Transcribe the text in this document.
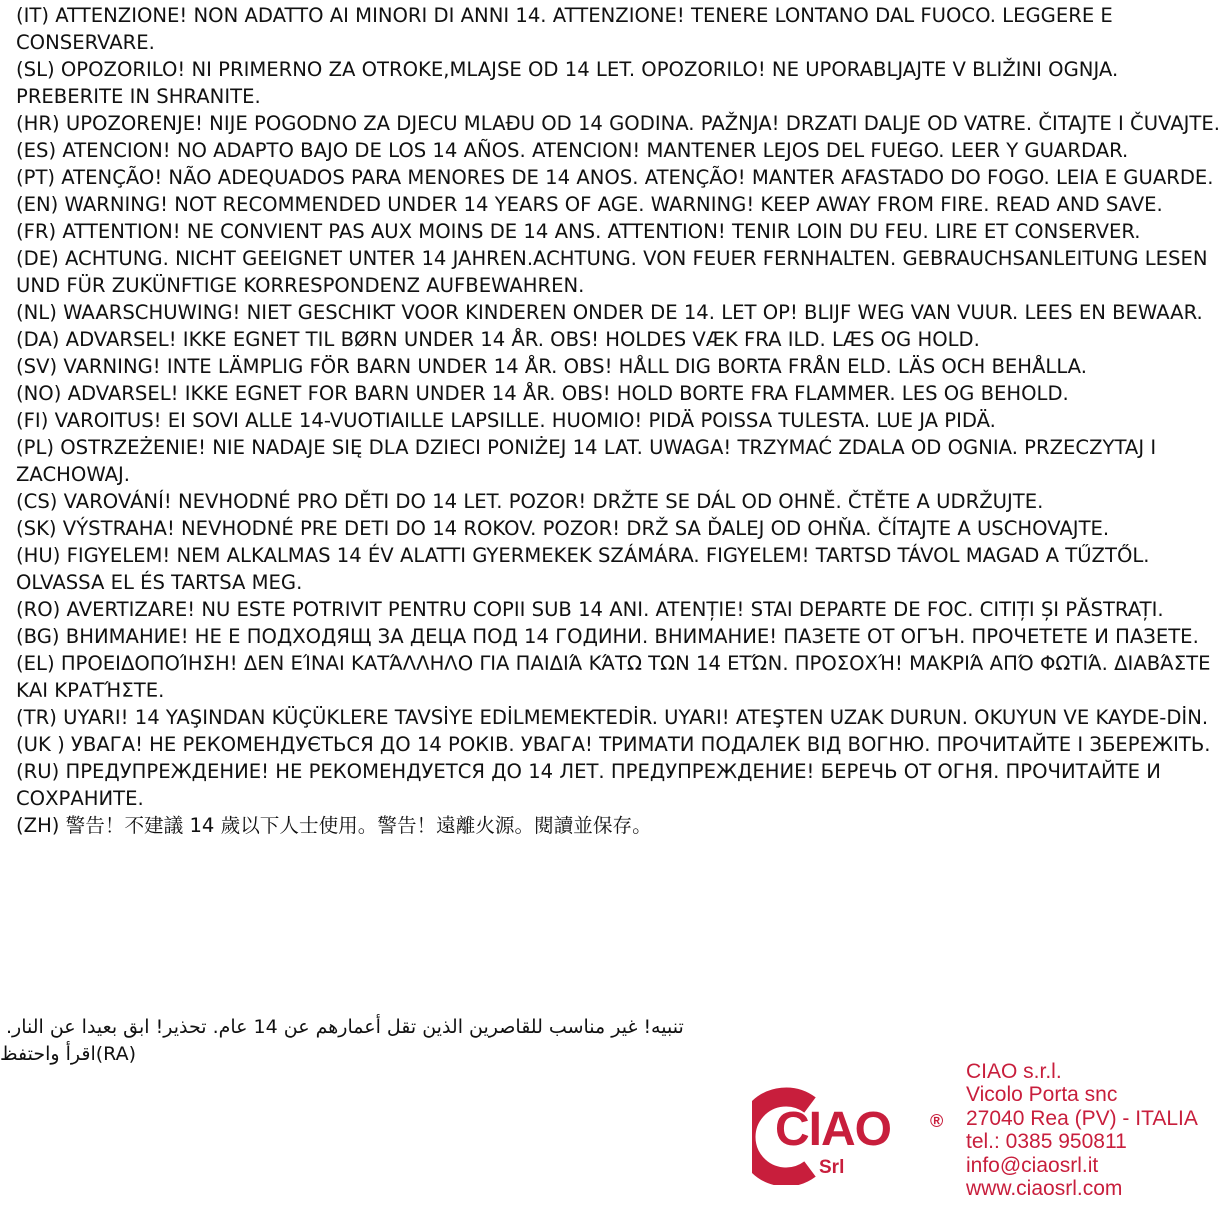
(IT) ATTENZIONE! NON ADATTO AI MINORI DI ANNI 14. ATTENZIONE! TENERE LONTANO DAL FUOCO. LEGGERE E CONSERVARE.
(SL) OPOZORILO! NI PRIMERNO ZA OTROKE,MLAJSE OD 14 LET. OPOZORILO! NE UPORABLJAJTE V BLIŽINI OGNJA. PREBERITE IN SHRANITE.
(HR) UPOZORENJE! NIJE POGODNO ZA DJECU MLAĐU OD 14 GODINA. PAŽNJA! DRZATI DALJE OD VATRE. ČITAJTE I ČUVAJTE.
(ES) ATENCION! NO ADAPTO BAJO DE LOS 14 AÑOS. ATENCION! MANTENER LEJOS DEL FUEGO. LEER Y GUARDAR.
(PT) ATENÇÃO! NÃO ADEQUADOS PARA MENORES DE 14 ANOS. ATENÇÃO! MANTER AFASTADO DO FOGO. LEIA E GUARDE.
(EN) WARNING! NOT RECOMMENDED UNDER 14 YEARS OF AGE. WARNING! KEEP AWAY FROM FIRE. READ AND SAVE.
(FR) ATTENTION! NE CONVIENT PAS AUX MOINS DE 14 ANS. ATTENTION! TENIR LOIN DU FEU. LIRE ET CONSERVER.
(DE) ACHTUNG. NICHT GEEIGNET UNTER 14 JAHREN.ACHTUNG. VON FEUER FERNHALTEN. GEBRAUCHSANLEITUNG LESEN UND FÜR ZUKÜNFTIGE KORRESPONDENZ AUFBEWAHREN.
(NL) WAARSCHUWING! NIET GESCHIKT VOOR KINDEREN ONDER DE 14. LET OP! BLIJF WEG VAN VUUR. LEES EN BEWAAR.
(DA) ADVARSEL! IKKE EGNET TIL BØRN UNDER 14 ÅR. OBS! HOLDES VÆK FRA ILD. LÆS OG HOLD.
(SV) VARNING! INTE LÄMPLIG FÖR BARN UNDER 14 ÅR. OBS! HÅLL DIG BORTA FRÅN ELD. LÄS OCH BEHÅLLA.
(NO) ADVARSEL! IKKE EGNET FOR BARN UNDER 14 ÅR. OBS! HOLD BORTE FRA FLAMMER. LES OG BEHOLD.
(FI) VAROITUS! EI SOVI ALLE 14-VUOTIAILLE LAPSILLE. HUOMIO! PIDÄ POISSA TULESTA. LUE JA PIDÄ.
(PL) OSTRZEŻENIE! NIE NADAJE SIĘ DLA DZIECI PONIŻEJ 14 LAT. UWAGA! TRZYMAĆ ZDALA OD OGNIA. PRZECZYTAJ I ZACHOWAJ.
(CS) VAROVÁNÍ! NEVHODNÉ PRO DĚTI DO 14 LET. POZOR! DRŽTE SE DÁL OD OHNĚ. ČTĚTE A UDRŽUJTE.
(SK) VÝSTRAHA! NEVHODNÉ PRE DETI DO 14 ROKOV. POZOR! DRŽ SA ĎALEJ OD OHŇA. ČÍTAJTE A USCHOVAJTE.
(HU) FIGYELEM! NEM ALKALMAS 14 ÉV ALATTI GYERMEKEK SZÁMÁRA. FIGYELEM! TARTSD TÁVOL MAGAD A TŰZTŐL. OLVASSA EL ÉS TARTSA MEG.
(RO) AVERTIZARE! NU ESTE POTRIVIT PENTRU COPII SUB 14 ANI. ATENȚIE! STAI DEPARTE DE FOC. CITIȚI ȘI PĂSTRAȚI.
(BG) ВНИМАНИЕ! НЕ Е ПОДХОДЯЩ ЗА ДЕЦА ПОД 14 ГОДИНИ. ВНИМАНИЕ! ПАЗЕТЕ ОТ ОГЪН. ПРОЧЕТЕТЕ И ПАЗЕТЕ.
(EL) ΠΡΟΕΙΔΟΠΟΊΗΣΗ! ΔΕΝ ΕΊΝΑΙ ΚΑΤΆΛΛΗΛΟ ΓΙΑ ΠΑΙΔΙΆ ΚΆΤΩ ΤΩΝ 14 ΕΤΏΝ. ΠΡΟΣΟΧΉ! ΜΑΚΡΙΆ ΑΠΌ ΦΩΤΙΆ. ΔΙΑΒΆΣΤΕ ΚΑΙ ΚΡΑΤΉΣΤΕ.
(TR) UYARI! 14 YAŞINDAN KÜÇÜKLERE TAVSİYE EDİLMEMEKTEDİR. UYARI! ATEŞTEN UZAK DURUN. OKUYUN VE KAYDE-DİN.
(UK ) УВАГА! НЕ РЕКОМЕНДУЄТЬСЯ ДО 14 РОКІВ. УВАГА! ТРИМАТИ ПОДАЛЕК ВІД ВОГНЮ. ПРОЧИТАЙТЕ І ЗБЕРЕЖІТЬ.
(RU) ПРЕДУПРЕЖДЕНИЕ! НЕ РЕКОМЕНДУЕТСЯ ДО 14 ЛЕТ. ПРЕДУПРЕЖДЕНИЕ! БЕРЕЧЬ ОТ ОГНЯ. ПРОЧИТАЙТЕ И СОХРАНИТЕ.
(ZH) 警告！不建議 14 歲以下人士使用。警告！遠離火源。閱讀並保存。
تنبيه! غير مناسب للقاصرين الذين تقل أعمارهم عن 14 عام. تحذير! ابق بعيدا عن النار.
اقرأ واحتفظ(RA)
CIAO
Srl
®
CIAO s.r.l.
Vicolo Porta snc
27040 Rea (PV) - ITALIA
tel.: 0385 950811
info@ciaosrl.it
www.ciaosrl.com
